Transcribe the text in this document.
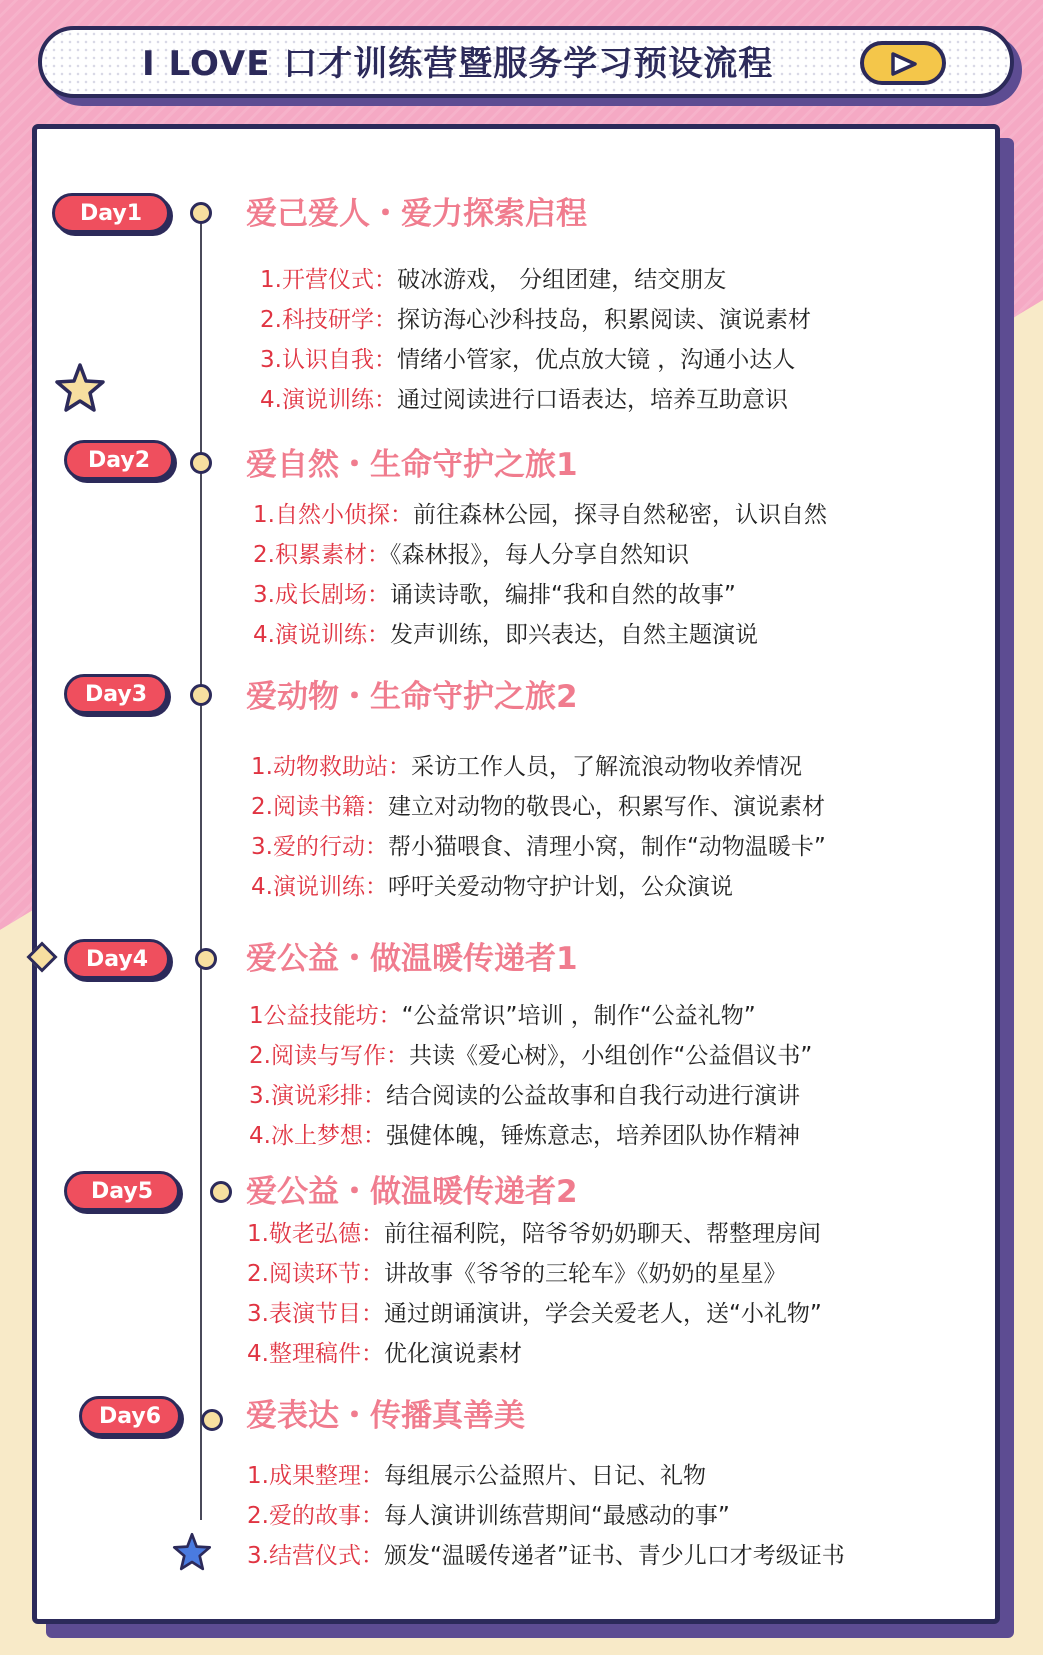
I LOVE 口才训练营暨服务学习预设流程
Day1	爱己爱人・爱力探索启程
1.开营仪式：破冰游戏， 分组团建，结交朋友
2.科技研学：探访海心沙科技岛，积累阅读、演说素材
3.认识自我：情绪小管家，优点放大镜 ，沟通小达人
4.演说训练：通过阅读进行口语表达，培养互助意识
Day2	爱自然・生命守护之旅1
1.自然小侦探：前往森林公园，探寻自然秘密，认识自然
2.积累素材：《森林报》，每人分享自然知识
3.成长剧场：诵读诗歌，编排“我和自然的故事”
4.演说训练：发声训练，即兴表达，自然主题演说
Day3	爱动物・生命守护之旅2
1.动物救助站：采访工作人员，了解流浪动物收养情况
2.阅读书籍：建立对动物的敬畏心，积累写作、演说素材
3.爱的行动：帮小猫喂食、清理小窝，制作“动物温暖卡”
4.演说训练：呼吁关爱动物守护计划，公众演说
Day4	爱公益・做温暖传递者1
1公益技能坊：“公益常识”培训 ，制作“公益礼物”
2.阅读与写作：共读《爱心树》，小组创作“公益倡议书”
3.演说彩排：结合阅读的公益故事和自我行动进行演讲
4.冰上梦想：强健体魄，锤炼意志，培养团队协作精神
Day5	爱公益・做温暖传递者2
1.敬老弘德：前往福利院，陪爷爷奶奶聊天、帮整理房间
2.阅读环节：讲故事《爷爷的三轮车》《奶奶的星星》
3.表演节目：通过朗诵演讲，学会关爱老人，送“小礼物”
4.整理稿件：优化演说素材
Day6	爱表达・传播真善美
1.成果整理：每组展示公益照片、日记、礼物
2.爱的故事：每人演讲训练营期间“最感动的事”
3.结营仪式：颁发“温暖传递者”证书、青少儿口才考级证书
